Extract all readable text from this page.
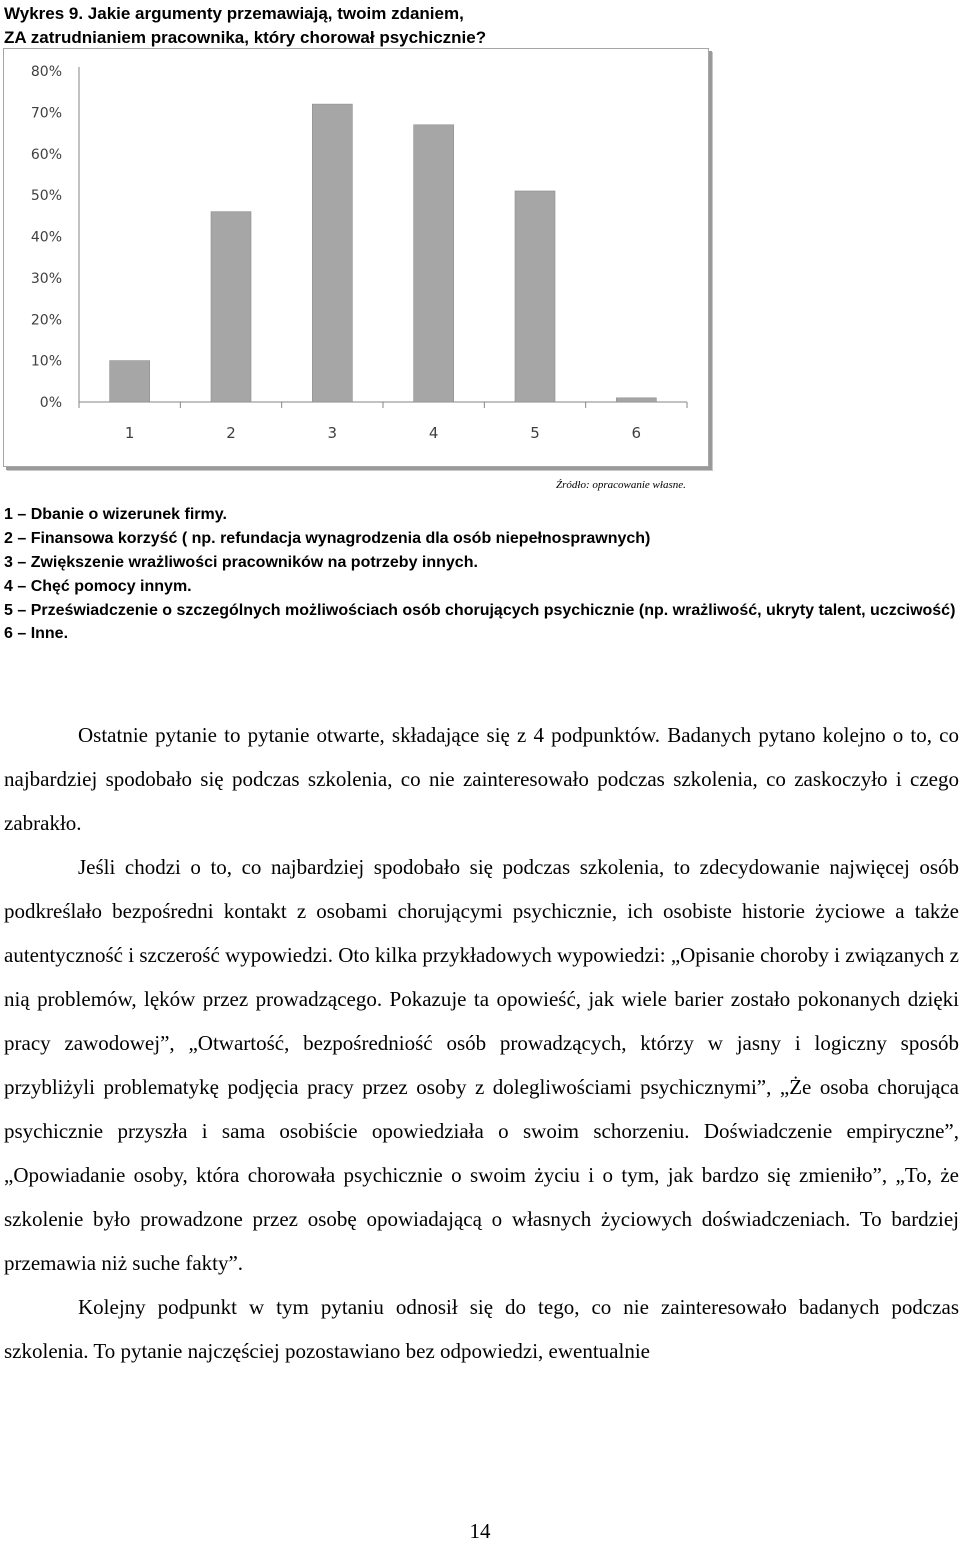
Wykres 9. Jakie argumenty przemawiają, twoim zdaniem,
ZA zatrudnianiem pracownika, który chorował psychicznie?
0%
10%
20%
30%
40%
50%
60%
70%
80%
1	2	3	4	5	6
Źródło: opracowanie własne.
1 – Dbanie o wizerunek firmy.
2 – Finansowa korzyść ( np. refundacja wynagrodzenia dla osób niepełnosprawnych)
3 – Zwiększenie wrażliwości pracowników na potrzeby innych.
4 – Chęć pomocy innym.
5 – Przeświadczenie o szczególnych możliwościach osób chorujących psychicznie (np. wrażliwość, ukryty talent, uczciwość)
6 – Inne.

Ostatnie pytanie to pytanie otwarte, składające się z 4 podpunktów. Badanych pytano kolejno o to, co najbardziej spodobało się podczas szkolenia, co nie zainteresowało podczas szkolenia, co zaskoczyło i czego zabrakło.

Jeśli chodzi o to, co najbardziej spodobało się podczas szkolenia, to zdecydowanie najwięcej osób podkreślało bezpośredni kontakt z osobami chorującymi psychicznie, ich osobiste historie życiowe a także autentyczność i szczerość wypowiedzi. Oto kilka przykładowych wypowiedzi: „Opisanie choroby i związanych z nią problemów, lęków przez prowadzącego. Pokazuje ta opowieść, jak wiele barier zostało pokonanych dzięki pracy zawodowej”, „Otwartość, bezpośredniość osób prowadzących, którzy w jasny i logiczny sposób przybliżyli problematykę podjęcia pracy przez osoby z dolegliwościami psychicznymi”, „Że osoba chorująca psychicznie przyszła i sama osobiście opowiedziała o swoim schorzeniu. Doświadczenie empiryczne”, „Opowiadanie osoby, która chorowała psychicznie o swoim życiu i o tym, jak bardzo się zmieniło”, „To, że szkolenie było prowadzone przez osobę opowiadającą o własnych życiowych doświadczeniach. To bardziej przemawia niż suche fakty”.

Kolejny podpunkt w tym pytaniu odnosił się do tego, co nie zainteresowało badanych podczas szkolenia. To pytanie najczęściej pozostawiano bez odpowiedzi, ewentualnie

14
